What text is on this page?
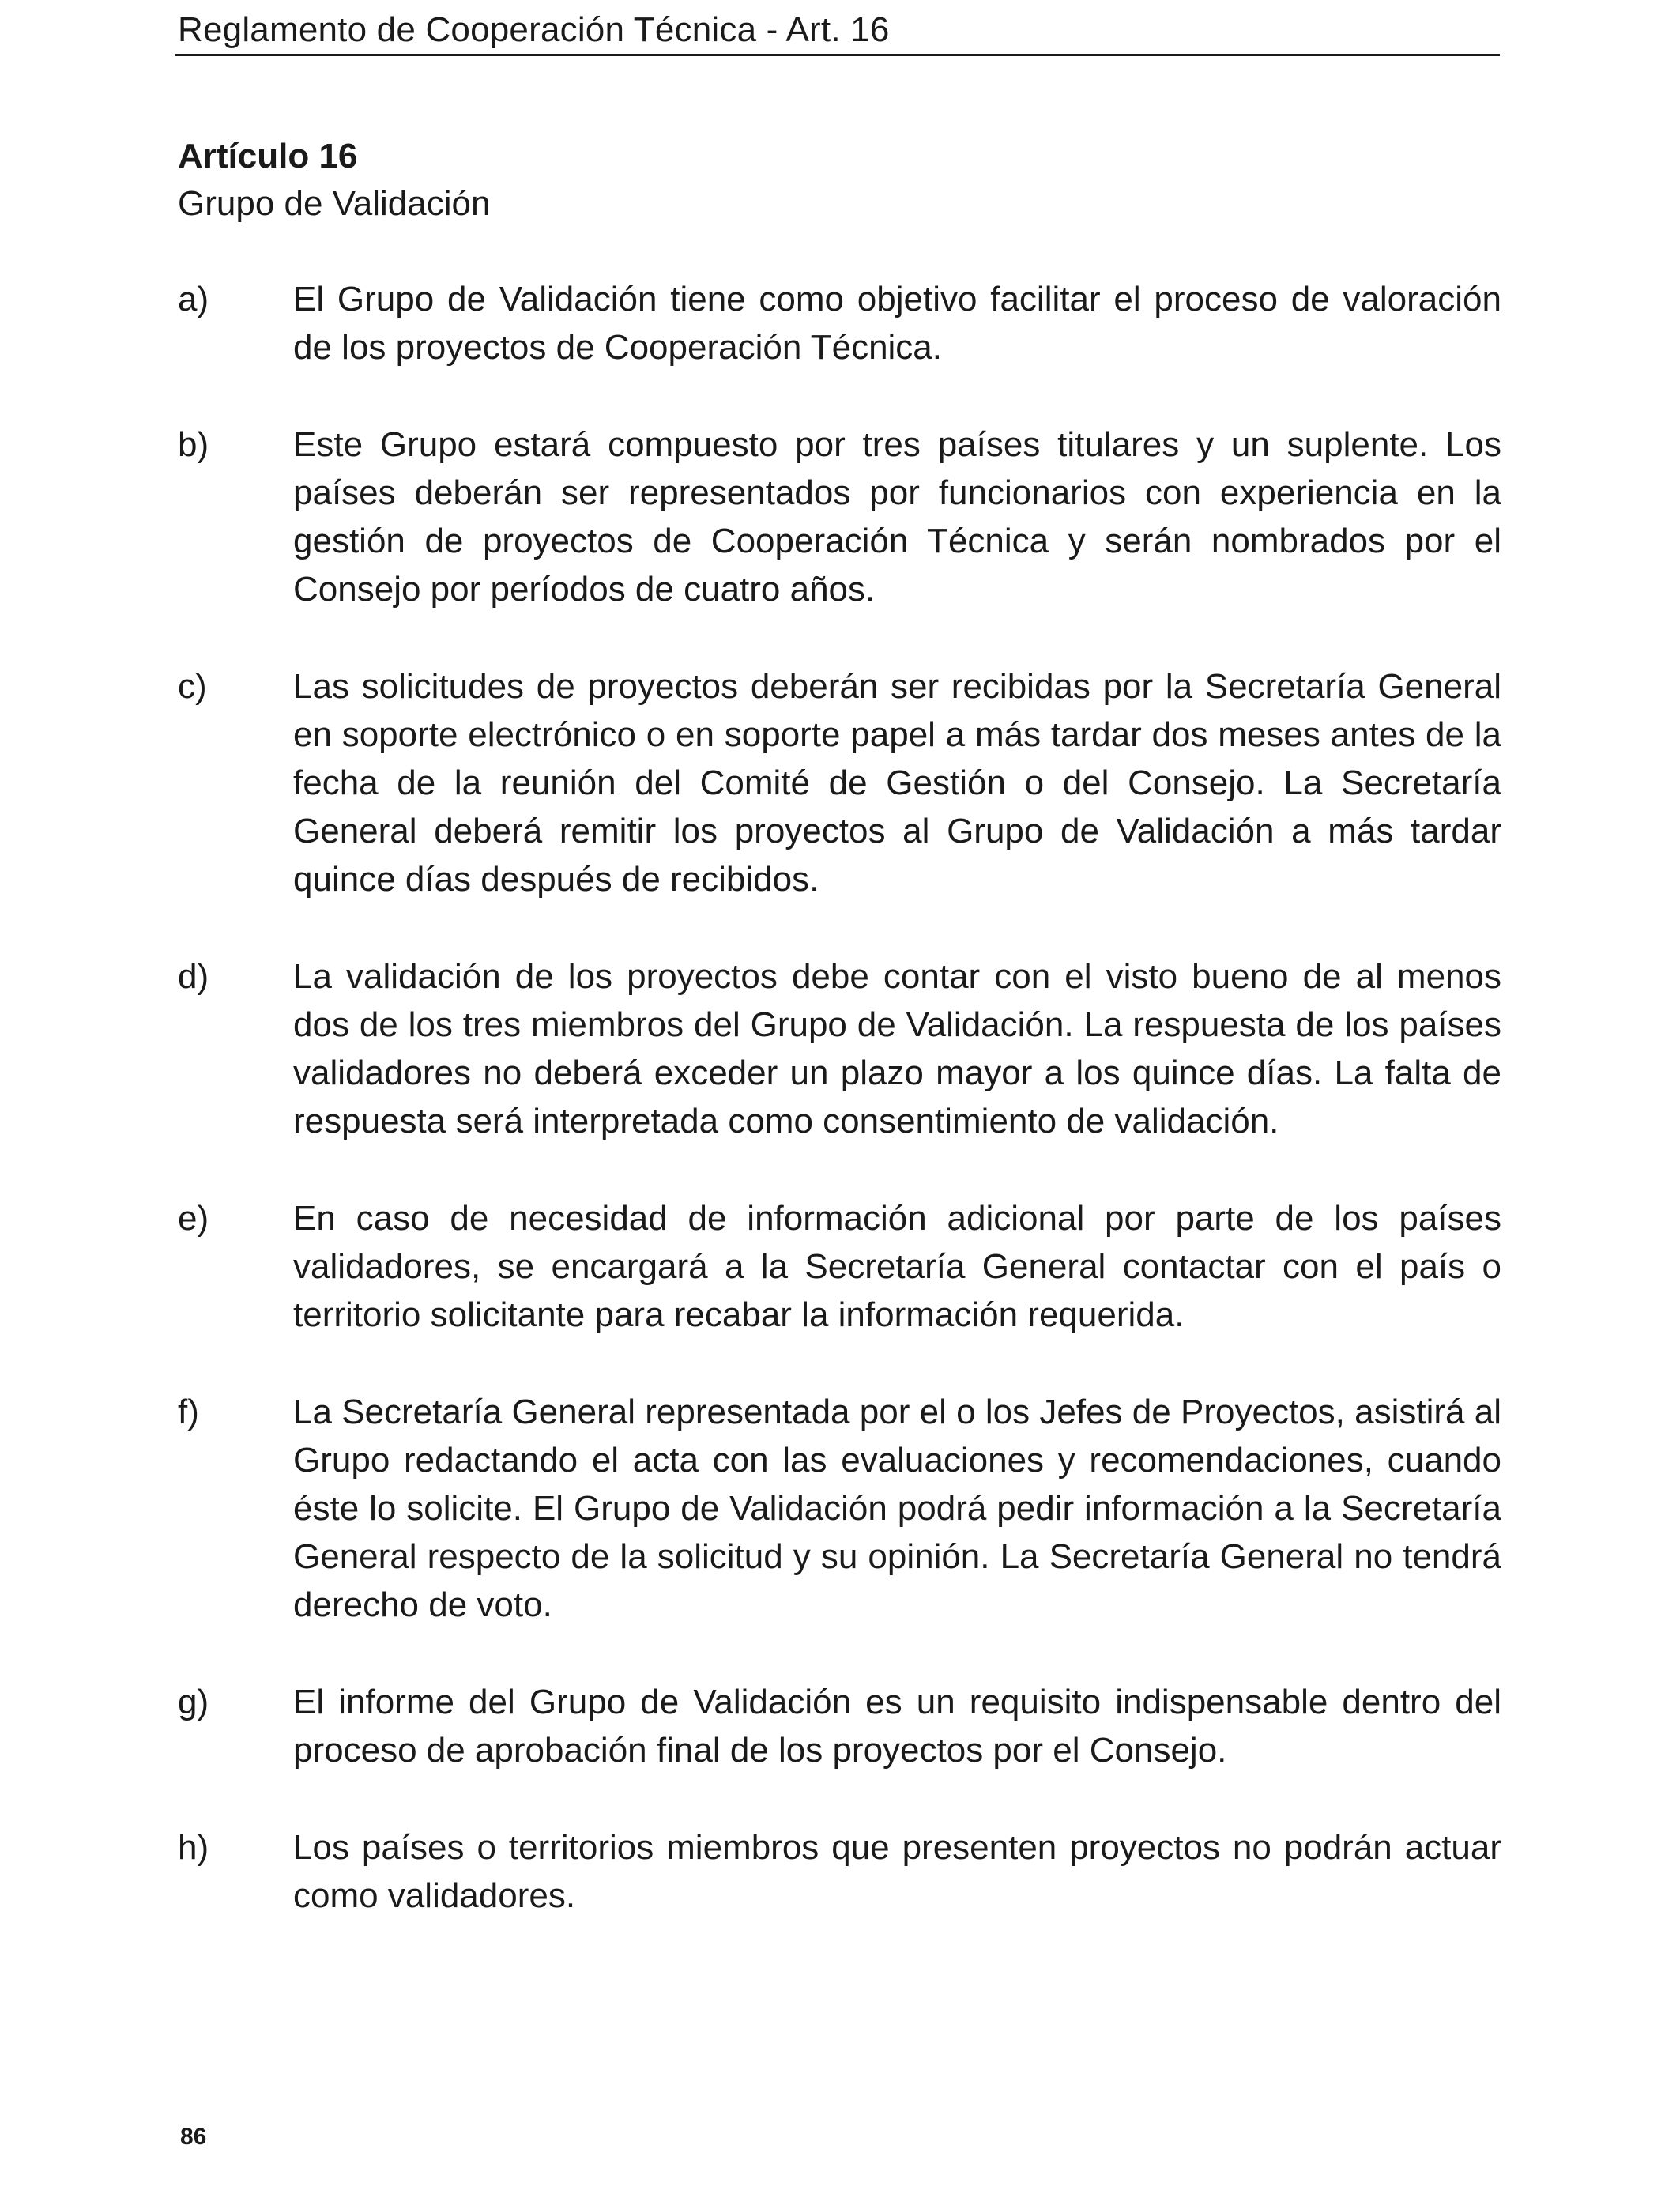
Reglamento de Cooperación Técnica - Art. 16

Artículo 16

Grupo de Validación

a) El Grupo de Validación tiene como objetivo facilitar el proceso de valoración de los proyectos de Cooperación Técnica.

b) Este Grupo estará compuesto por tres países titulares y un suplente. Los países deberán ser representados por funcionarios con experiencia en la gestión de proyectos de Cooperación Técnica y serán nombrados por el Consejo por períodos de cuatro años.

c) Las solicitudes de proyectos deberán ser recibidas por la Secretaría General en soporte electrónico o en soporte papel a más tardar dos meses antes de la fecha de la reunión del Comité de Gestión o del Consejo. La Secretaría General deberá remitir los proyectos al Grupo de Validación a más tardar quince días después de recibidos.

d) La validación de los proyectos debe contar con el visto bueno de al menos dos de los tres miembros del Grupo de Validación. La respuesta de los países validadores no deberá exceder un plazo mayor a los quince días. La falta de respuesta será interpretada como consentimiento de validación.

e) En caso de necesidad de información adicional por parte de los países validadores, se encargará a la Secretaría General contactar con el país o territorio solicitante para recabar la información requerida.

f)	La Secretaría General representada por el o los Jefes de Proyectos, asistirá al Grupo redactando el acta con las evaluaciones y recomendaciones, cuando éste lo solicite. El Grupo de Validación podrá pedir información a la Secretaría General respecto de la solicitud y su opinión. La Secretaría General no tendrá derecho de voto.

g) El informe del Grupo de Validación es un requisito indispensable dentro del proceso de aprobación final de los proyectos por el Consejo.

h) Los países o territorios miembros que presenten proyectos no podrán actuar como validadores.

86
